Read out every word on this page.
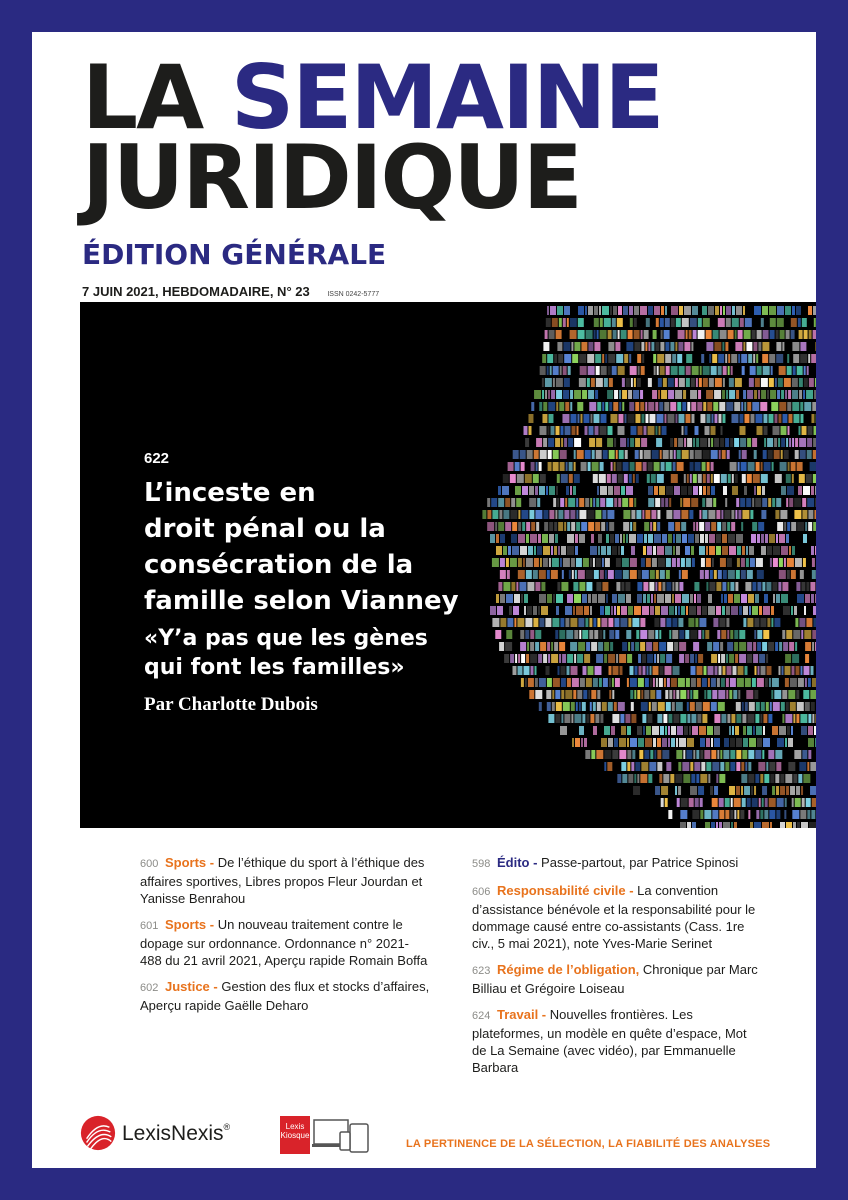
LA SEMAINE
JURIDIQUE
ÉDITION GÉNÉRALE
7 JUIN 2021, HEBDOMADAIRE, N° 23	ISSN 0242-5777
622
L’inceste en
droit pénal ou la
consécration de la
famille selon Vianney
«Y’a pas que les gènes
qui font les familles»
Par Charlotte Dubois
600 Sports - De l’éthique du sport à l’éthique des affaires sportives, Libres propos Fleur Jourdan et Yanisse Benrahou
601 Sports - Un nouveau traitement contre le dopage sur ordonnance. Ordonnance n° 2021-488 du 21 avril 2021, Aperçu rapide Romain Boffa
602 Justice - Gestion des flux et stocks d’affaires, Aperçu rapide Gaëlle Deharo
598 Édito - Passe-partout, par Patrice Spinosi
606 Responsabilité civile - La convention d’assistance bénévole et la responsabilité pour le dommage causé entre co-assistants (Cass. 1re civ., 5 mai 2021), note Yves-Marie Serinet
623 Régime de l’obligation, Chronique par Marc Billiau et Grégoire Loiseau
624 Travail - Nouvelles frontières. Les plateformes, un modèle en quête d’espace, Mot de La Semaine (avec vidéo), par Emmanuelle Barbara
LexisNexis®	Lexis
Kiosque
LA PERTINENCE DE LA SÉLECTION, LA FIABILITÉ DES ANALYSES
